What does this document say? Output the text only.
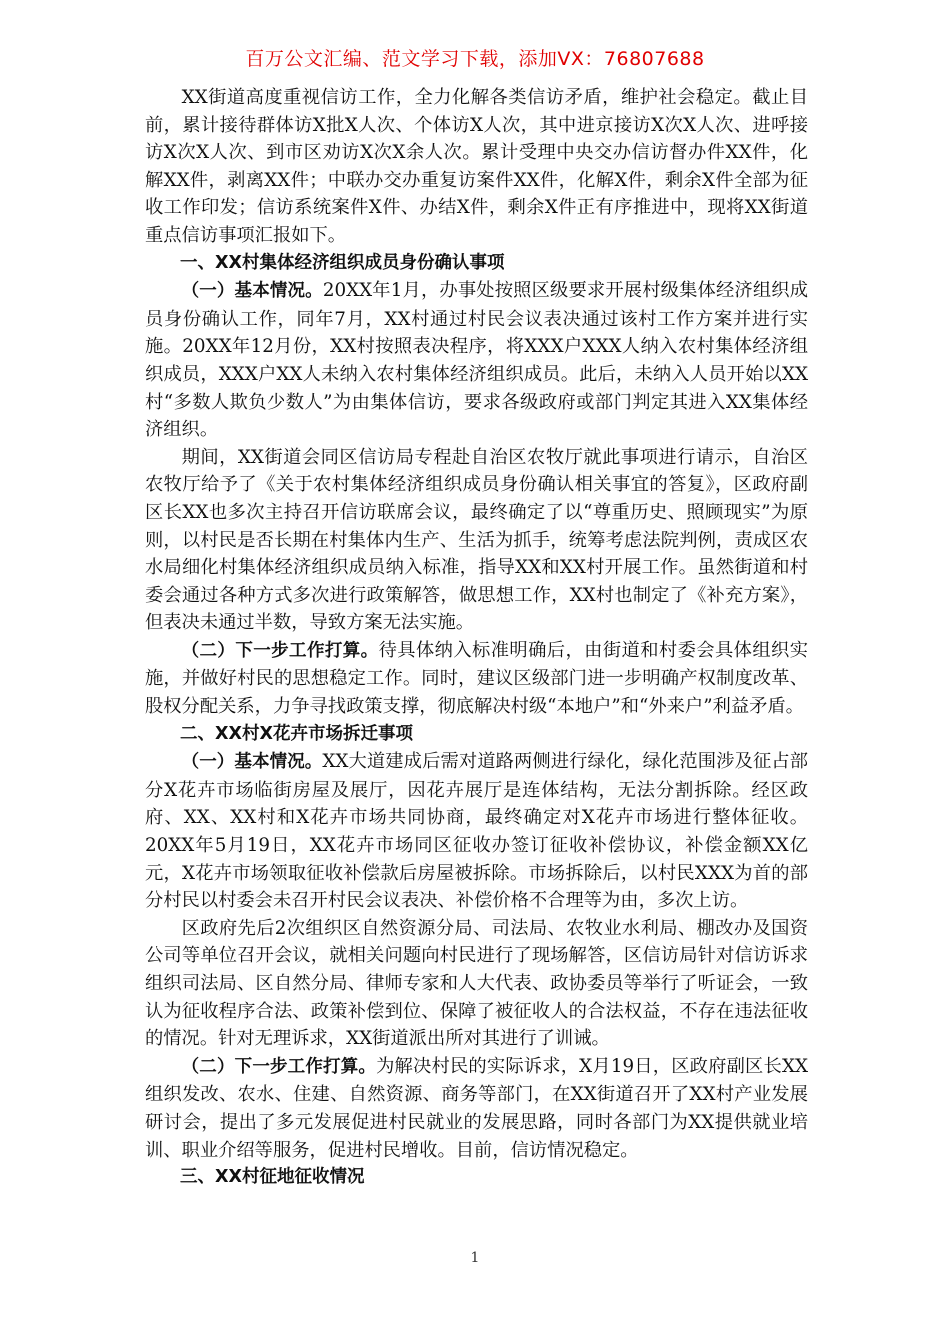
百万公文汇编、范文学习下载，添加VX：76807688

XX街道高度重视信访工作，全力化解各类信访矛盾，维护社会稳定。截止目前，累计接待群体访X批X人次、个体访X人次，其中进京接访X次X人次、进呼接访X次X人次、到市区劝访X次X余人次。累计受理中央交办信访督办件XX件，化解XX件，剥离XX件；中联办交办重复访案件XX件，化解X件，剩余X件全部为征收工作印发；信访系统案件X件、办结X件，剩余X件正有序推进中，现将XX街道重点信访事项汇报如下。

一、XX村集体经济组织成员身份确认事项

（一）基本情况。20XX年1月，办事处按照区级要求开展村级集体经济组织成员身份确认工作，同年7月，XX村通过村民会议表决通过该村工作方案并进行实施。20XX年12月份，XX村按照表决程序，将XXX户XXX人纳入农村集体经济组织成员，XXX户XX人未纳入农村集体经济组织成员。此后，未纳入人员开始以XX村“多数人欺负少数人”为由集体信访，要求各级政府或部门判定其进入XX集体经济组织。

期间，XX街道会同区信访局专程赴自治区农牧厅就此事项进行请示，自治区农牧厅给予了《关于农村集体经济组织成员身份确认相关事宜的答复》，区政府副区长XX也多次主持召开信访联席会议，最终确定了以“尊重历史、照顾现实”为原则，以村民是否长期在村集体内生产、生活为抓手，统筹考虑法院判例，责成区农水局细化村集体经济组织成员纳入标准，指导XX和XX村开展工作。虽然街道和村委会通过各种方式多次进行政策解答，做思想工作，XX村也制定了《补充方案》，但表决未通过半数，导致方案无法实施。

（二）下一步工作打算。待具体纳入标准明确后，由街道和村委会具体组织实施，并做好村民的思想稳定工作。同时，建议区级部门进一步明确产权制度改革、股权分配关系，力争寻找政策支撑，彻底解决村级“本地户”和“外来户”利益矛盾。

二、XX村X花卉市场拆迁事项

（一）基本情况。XX大道建成后需对道路两侧进行绿化，绿化范围涉及征占部分X花卉市场临街房屋及展厅，因花卉展厅是连体结构，无法分割拆除。经区政府、XX、XX村和X花卉市场共同协商，最终确定对X花卉市场进行整体征收。20XX年5月19日，XX花卉市场同区征收办签订征收补偿协议，补偿金额XX亿元，X花卉市场领取征收补偿款后房屋被拆除。市场拆除后，以村民XXX为首的部分村民以村委会未召开村民会议表决、补偿价格不合理等为由，多次上访。

区政府先后2次组织区自然资源分局、司法局、农牧业水利局、棚改办及国资公司等单位召开会议，就相关问题向村民进行了现场解答，区信访局针对信访诉求组织司法局、区自然分局、律师专家和人大代表、政协委员等举行了听证会，一致认为征收程序合法、政策补偿到位、保障了被征收人的合法权益，不存在违法征收的情况。针对无理诉求，XX街道派出所对其进行了训诫。

（二）下一步工作打算。为解决村民的实际诉求，X月19日，区政府副区长XX组织发改、农水、住建、自然资源、商务等部门，在XX街道召开了XX村产业发展研讨会，提出了多元发展促进村民就业的发展思路，同时各部门为XX提供就业培训、职业介绍等服务，促进村民增收。目前，信访情况稳定。

三、XX村征地征收情况

1
